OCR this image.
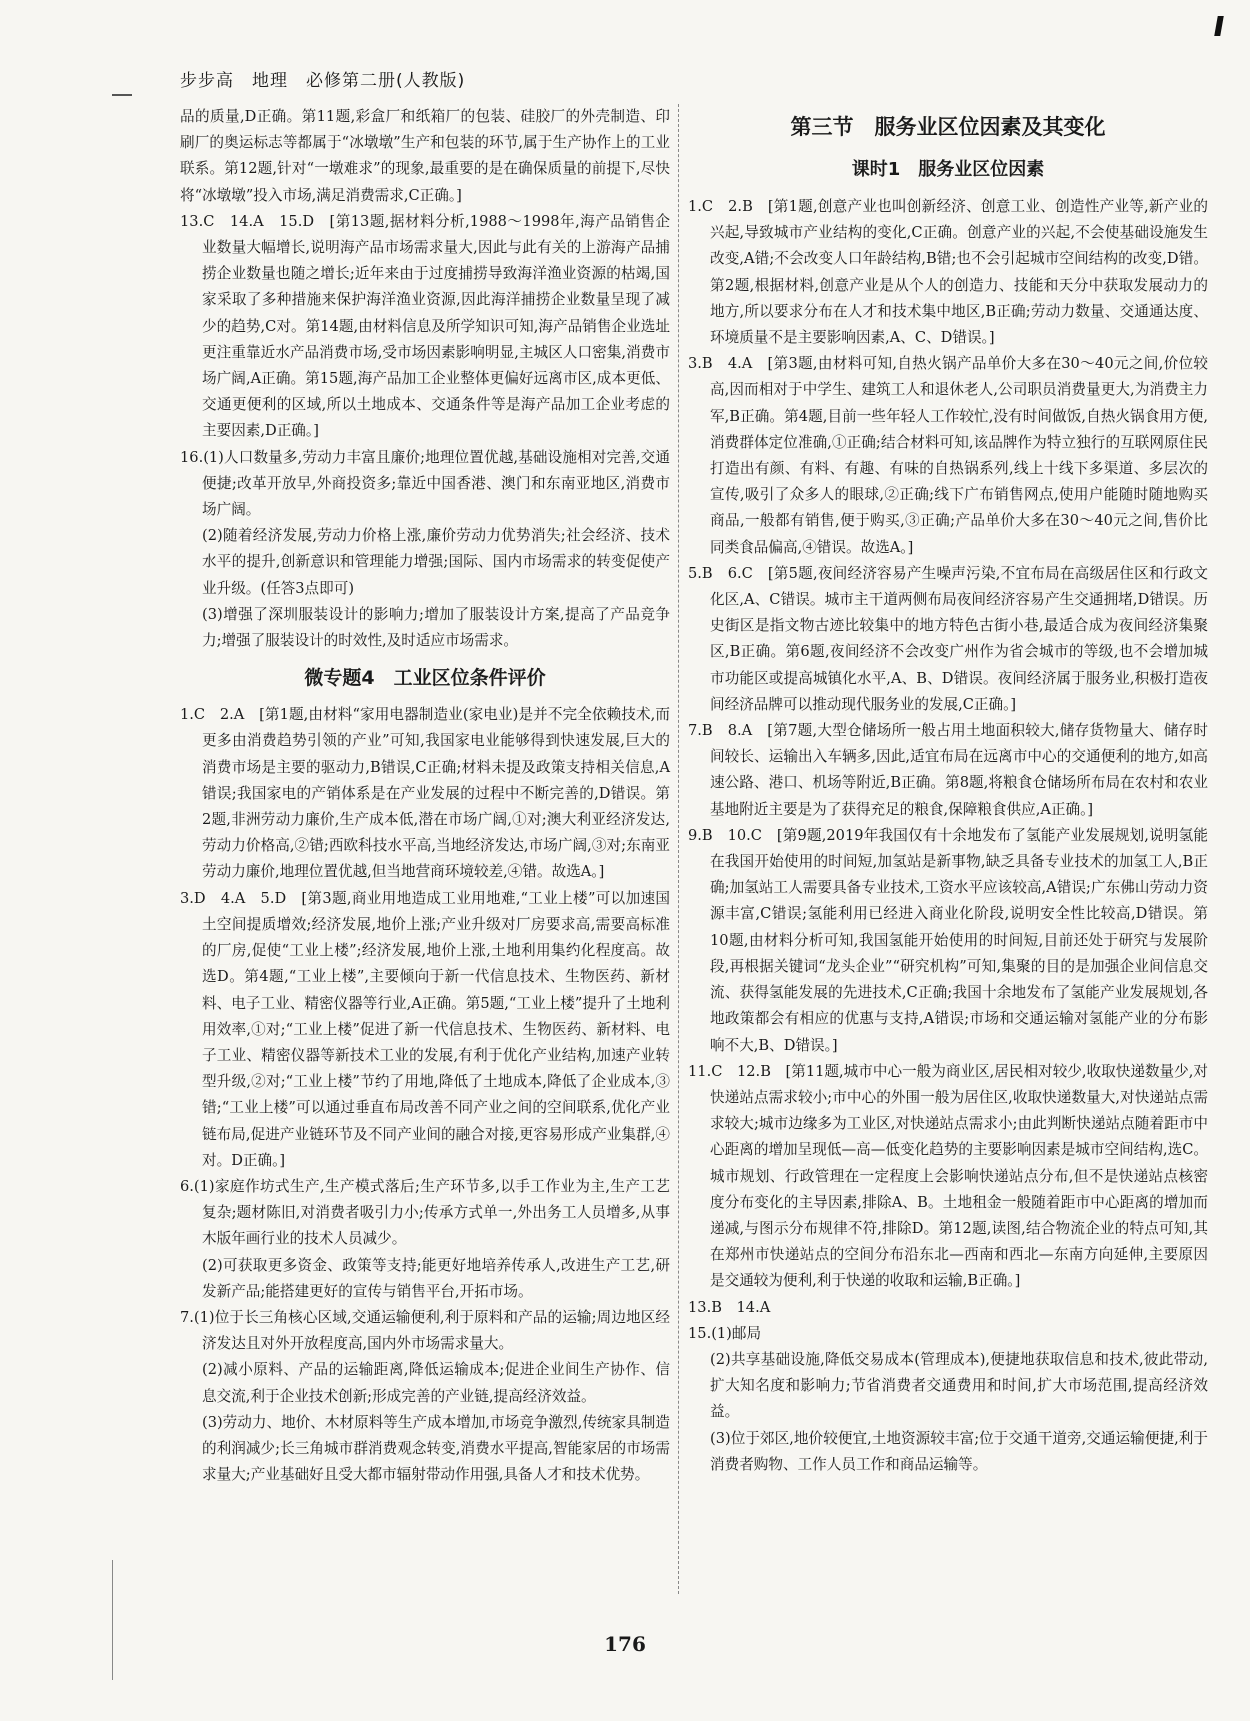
步步高　地理　必修第二册(人教版)

品的质量,D正确。第11题,彩盒厂和纸箱厂的包装、硅胶厂的外壳制造、印刷厂的奥运标志等都属于“冰墩墩”生产和包装的环节,属于生产协作上的工业联系。第12题,针对“一墩难求”的现象,最重要的是在确保质量的前提下,尽快将“冰墩墩”投入市场,满足消费需求,C正确。]

13.C　14.A　15.D　[第13题,据材料分析,1988～1998年,海产品销售企业数量大幅增长,说明海产品市场需求量大,因此与此有关的上游海产品捕捞企业数量也随之增长;近年来由于过度捕捞导致海洋渔业资源的枯竭,国家采取了多种措施来保护海洋渔业资源,因此海洋捕捞企业数量呈现了减少的趋势,C对。第14题,由材料信息及所学知识可知,海产品销售企业选址更注重靠近水产品消费市场,受市场因素影响明显,主城区人口密集,消费市场广阔,A正确。第15题,海产品加工企业整体更偏好远离市区,成本更低、交通更便利的区域,所以土地成本、交通条件等是海产品加工企业考虑的主要因素,D正确。]

16.(1)人口数量多,劳动力丰富且廉价;地理位置优越,基础设施相对完善,交通便捷;改革开放早,外商投资多;靠近中国香港、澳门和东南亚地区,消费市场广阔。

(2)随着经济发展,劳动力价格上涨,廉价劳动力优势消失;社会经济、技术水平的提升,创新意识和管理能力增强;国际、国内市场需求的转变促使产业升级。(任答3点即可)

(3)增强了深圳服装设计的影响力;增加了服装设计方案,提高了产品竞争力;增强了服装设计的时效性,及时适应市场需求。

微专题4　工业区位条件评价

1.C　2.A　[第1题,由材料“家用电器制造业(家电业)是并不完全依赖技术,而更多由消费趋势引领的产业”可知,我国家电业能够得到快速发展,巨大的消费市场是主要的驱动力,B错误,C正确;材料未提及政策支持相关信息,A错误;我国家电的产销体系是在产业发展的过程中不断完善的,D错误。第2题,非洲劳动力廉价,生产成本低,潜在市场广阔,①对;澳大利亚经济发达,劳动力价格高,②错;西欧科技水平高,当地经济发达,市场广阔,③对;东南亚劳动力廉价,地理位置优越,但当地营商环境较差,④错。故选A。]

3.D　4.A　5.D　[第3题,商业用地造成工业用地难,“工业上楼”可以加速国土空间提质增效;经济发展,地价上涨;产业升级对厂房要求高,需要高标准的厂房,促使“工业上楼”;经济发展,地价上涨,土地利用集约化程度高。故选D。第4题,“工业上楼”,主要倾向于新一代信息技术、生物医药、新材料、电子工业、精密仪器等行业,A正确。第5题,“工业上楼”提升了土地利用效率,①对;“工业上楼”促进了新一代信息技术、生物医药、新材料、电子工业、精密仪器等新技术工业的发展,有利于优化产业结构,加速产业转型升级,②对;“工业上楼”节约了用地,降低了土地成本,降低了企业成本,③错;“工业上楼”可以通过垂直布局改善不同产业之间的空间联系,优化产业链布局,促进产业链环节及不同产业间的融合对接,更容易形成产业集群,④对。D正确。]

6.(1)家庭作坊式生产,生产模式落后;生产环节多,以手工作业为主,生产工艺复杂;题材陈旧,对消费者吸引力小;传承方式单一,外出务工人员增多,从事木版年画行业的技术人员减少。

(2)可获取更多资金、政策等支持;能更好地培养传承人,改进生产工艺,研发新产品;能搭建更好的宣传与销售平台,开拓市场。

7.(1)位于长三角核心区域,交通运输便利,利于原料和产品的运输;周边地区经济发达且对外开放程度高,国内外市场需求量大。

(2)减小原料、产品的运输距离,降低运输成本;促进企业间生产协作、信息交流,利于企业技术创新;形成完善的产业链,提高经济效益。

(3)劳动力、地价、木材原料等生产成本增加,市场竞争激烈,传统家具制造的利润减少;长三角城市群消费观念转变,消费水平提高,智能家居的市场需求量大;产业基础好且受大都市辐射带动作用强,具备人才和技术优势。

第三节　服务业区位因素及其变化
课时1　服务业区位因素

1.C　2.B　[第1题,创意产业也叫创新经济、创意工业、创造性产业等,新产业的兴起,导致城市产业结构的变化,C正确。创意产业的兴起,不会使基础设施发生改变,A错;不会改变人口年龄结构,B错;也不会引起城市空间结构的改变,D错。第2题,根据材料,创意产业是从个人的创造力、技能和天分中获取发展动力的地方,所以要求分布在人才和技术集中地区,B正确;劳动力数量、交通通达度、环境质量不是主要影响因素,A、C、D错误。]

3.B　4.A　[第3题,由材料可知,自热火锅产品单价大多在30～40元之间,价位较高,因而相对于中学生、建筑工人和退休老人,公司职员消费量更大,为消费主力军,B正确。第4题,目前一些年轻人工作较忙,没有时间做饭,自热火锅食用方便,消费群体定位准确,①正确;结合材料可知,该品牌作为特立独行的互联网原住民打造出有颜、有料、有趣、有味的自热锅系列,线上十线下多渠道、多层次的宣传,吸引了众多人的眼球,②正确;线下广布销售网点,使用户能随时随地购买商品,一般都有销售,便于购买,③正确;产品单价大多在30～40元之间,售价比同类食品偏高,④错误。故选A。]

5.B　6.C　[第5题,夜间经济容易产生噪声污染,不宜布局在高级居住区和行政文化区,A、C错误。城市主干道两侧布局夜间经济容易产生交通拥堵,D错误。历史街区是指文物古迹比较集中的地方特色古街小巷,最适合成为夜间经济集聚区,B正确。第6题,夜间经济不会改变广州作为省会城市的等级,也不会增加城市功能区或提高城镇化水平,A、B、D错误。夜间经济属于服务业,积极打造夜间经济品牌可以推动现代服务业的发展,C正确。]

7.B　8.A　[第7题,大型仓储场所一般占用土地面积较大,储存货物量大、储存时间较长、运输出入车辆多,因此,适宜布局在远离市中心的交通便利的地方,如高速公路、港口、机场等附近,B正确。第8题,将粮食仓储场所布局在农村和农业基地附近主要是为了获得充足的粮食,保障粮食供应,A正确。]

9.B　10.C　[第9题,2019年我国仅有十余地发布了氢能产业发展规划,说明氢能在我国开始使用的时间短,加氢站是新事物,缺乏具备专业技术的加氢工人,B正确;加氢站工人需要具备专业技术,工资水平应该较高,A错误;广东佛山劳动力资源丰富,C错误;氢能利用已经进入商业化阶段,说明安全性比较高,D错误。第10题,由材料分析可知,我国氢能开始使用的时间短,目前还处于研究与发展阶段,再根据关键词“龙头企业”“研究机构”可知,集聚的目的是加强企业间信息交流、获得氢能发展的先进技术,C正确;我国十余地发布了氢能产业发展规划,各地政策都会有相应的优惠与支持,A错误;市场和交通运输对氢能产业的分布影响不大,B、D错误。]

11.C　12.B　[第11题,城市中心一般为商业区,居民相对较少,收取快递数量少,对快递站点需求较小;市中心的外围一般为居住区,收取快递数量大,对快递站点需求较大;城市边缘多为工业区,对快递站点需求小;由此判断快递站点随着距市中心距离的增加呈现低—高—低变化趋势的主要影响因素是城市空间结构,选C。城市规划、行政管理在一定程度上会影响快递站点分布,但不是快递站点核密度分布变化的主导因素,排除A、B。土地租金一般随着距市中心距离的增加而递减,与图示分布规律不符,排除D。第12题,读图,结合物流企业的特点可知,其在郑州市快递站点的空间分布沿东北—西南和西北—东南方向延伸,主要原因是交通较为便利,利于快递的收取和运输,B正确。]

13.B　14.A

15.(1)邮局

(2)共享基础设施,降低交易成本(管理成本),便捷地获取信息和技术,彼此带动,扩大知名度和影响力;节省消费者交通费用和时间,扩大市场范围,提高经济效益。

(3)位于郊区,地价较便宜,土地资源较丰富;位于交通干道旁,交通运输便捷,利于消费者购物、工作人员工作和商品运输等。

176
